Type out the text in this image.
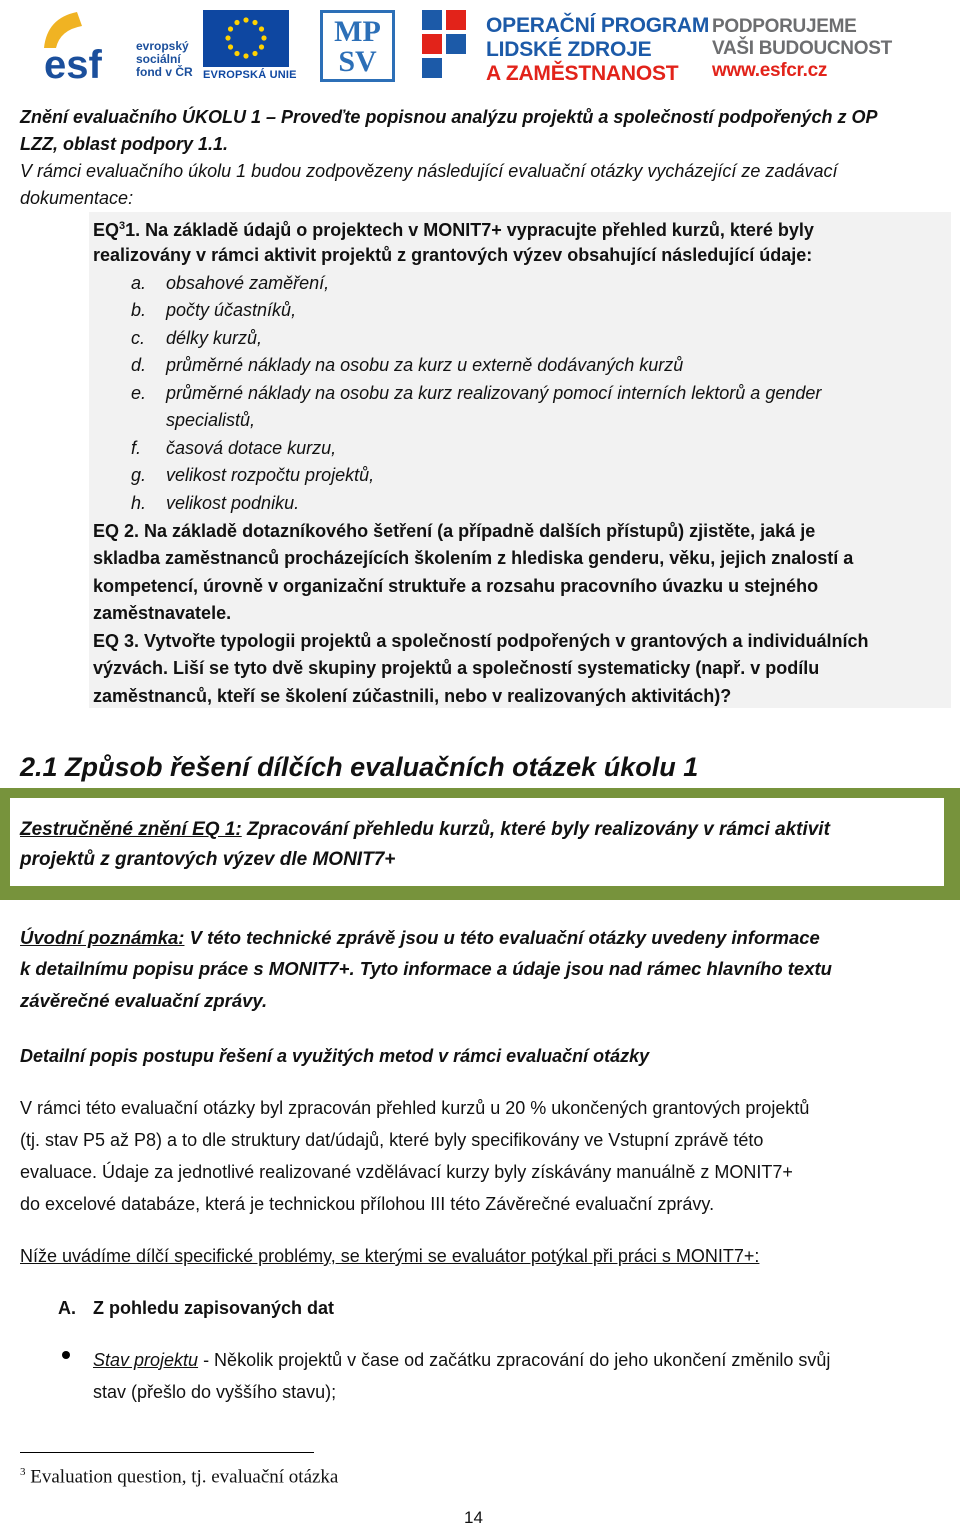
esf	evropský
sociální
fond v ČR EVROPSKÁ UNIE
MP
SV
OPERAČNÍ PROGRAM
LIDSKÉ ZDROJE
A ZAMĚSTNANOST
PODPORUJEME
VAŠI BUDOUCNOST
www.esfcr.cz
Znění evaluačního ÚKOLU 1 – Proveďte popisnou analýzu projektů a společností podpořených z OP
LZZ, oblast podpory 1.1.
V rámci evaluačního úkolu 1 budou zodpovězeny následující evaluační otázky vycházející ze zadávací
dokumentace:
$EQ^31$. Na základě údajů o projektech v MONIT7+ vypracujte přehled kurzů, které byly
realizovány v rámci aktivit projektů z grantových výzev obsahující následující údaje:
a. obsahové zaměření,
b. počty účastníků,
c. délky kurzů,
d. průměrné náklady na osobu za kurz u externě dodávaných kurzů
e. průměrné náklady na osobu za kurz realizovaný pomocí interních lektorů a gender
specialistů,
f. časová dotace kurzu,
g. velikost rozpočtu projektů,
h. velikost podniku.
EQ 2. Na základě dotazníkového šetření (a případně dalších přístupů) zjistěte, jaká je
skladba zaměstnanců procházejících školením z hlediska genderu, věku, jejich znalostí a
kompetencí, úrovně v organizační struktuře a rozsahu pracovního úvazku u stejného
zaměstnavatele.
EQ 3. Vytvořte typologii projektů a společností podpořených v grantových a individuálních
výzvách. Liší se tyto dvě skupiny projektů a společností systematicky (např. v podílu
zaměstnanců, kteří se školení zúčastnili, nebo v realizovaných aktivitách)?
2.1 Způsob řešení dílčích evaluačních otázek úkolu 1
Zestručněné znění EQ 1: Zpracování přehledu kurzů, které byly realizovány v rámci aktivit
projektů z grantových výzev dle MONIT7+
Úvodní poznámka: V této technické zprávě jsou u této evaluační otázky uvedeny informace
k detailnímu popisu práce s MONIT7+. Tyto informace a údaje jsou nad rámec hlavního textu
závěrečné evaluační zprávy.
Detailní popis postupu řešení a využitých metod v rámci evaluační otázky
V rámci této evaluační otázky byl zpracován přehled kurzů u 20 % ukončených grantových projektů
(tj. stav P5 až P8) a to dle struktury dat/údajů, které byly specifikovány ve Vstupní zprávě této
evaluace. Údaje za jednotlivé realizované vzdělávací kurzy byly získávány manuálně z MONIT7+
do excelové databáze, která je technickou přílohou III této Závěrečné evaluační zprávy.
Níže uvádíme dílčí specifické problémy, se kterými se evaluátor potýkal při práci s MONIT7+:
A. Z pohledu zapisovaných dat
Stav projektu - Několik projektů v čase od začátku zpracování do jeho ukončení změnilo svůj
stav (přešlo do vyššího stavu);
$^3$ Evaluation question, tj. evaluační otázka
14
